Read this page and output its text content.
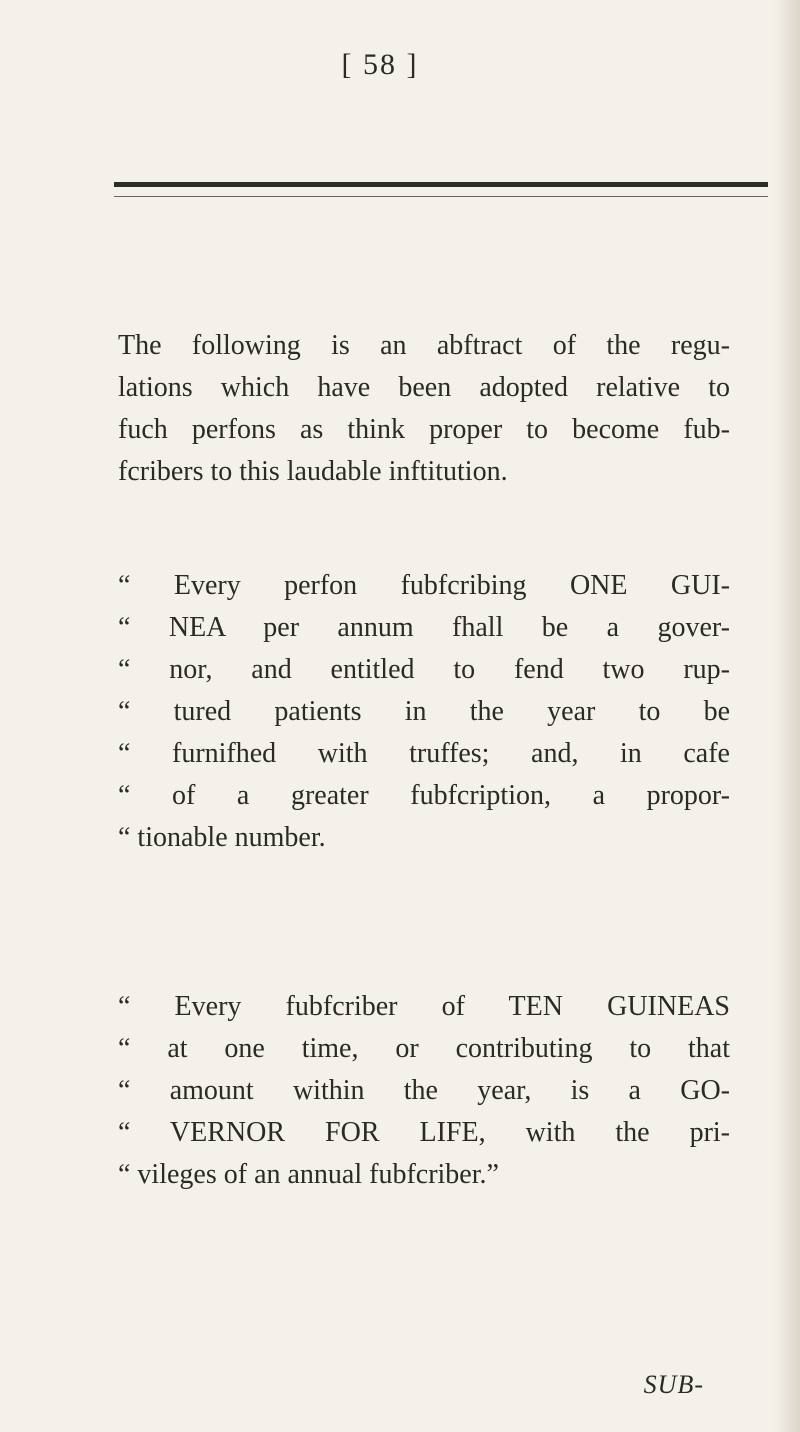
[ 58 ]
The following is an abftract of the regu-
lations which have been adopted relative to
fuch perfons as think proper to become fub-
fcribers to this laudable inftitution.
“ Every perfon fubfcribing ONE GUI-
“ NEA per annum fhall be a gover-
“ nor, and entitled to fend two rup-
“ tured patients in the year to be
“ furnifhed with truffes; and, in cafe
“ of a greater fubfcription, a propor-
“ tionable number.
“ Every fubfcriber of TEN GUINEAS
“ at one time, or contributing to that
“ amount within the year, is a GO-
“ VERNOR FOR LIFE, with the pri-
“ vileges of an annual fubfcriber.”
SUB-
